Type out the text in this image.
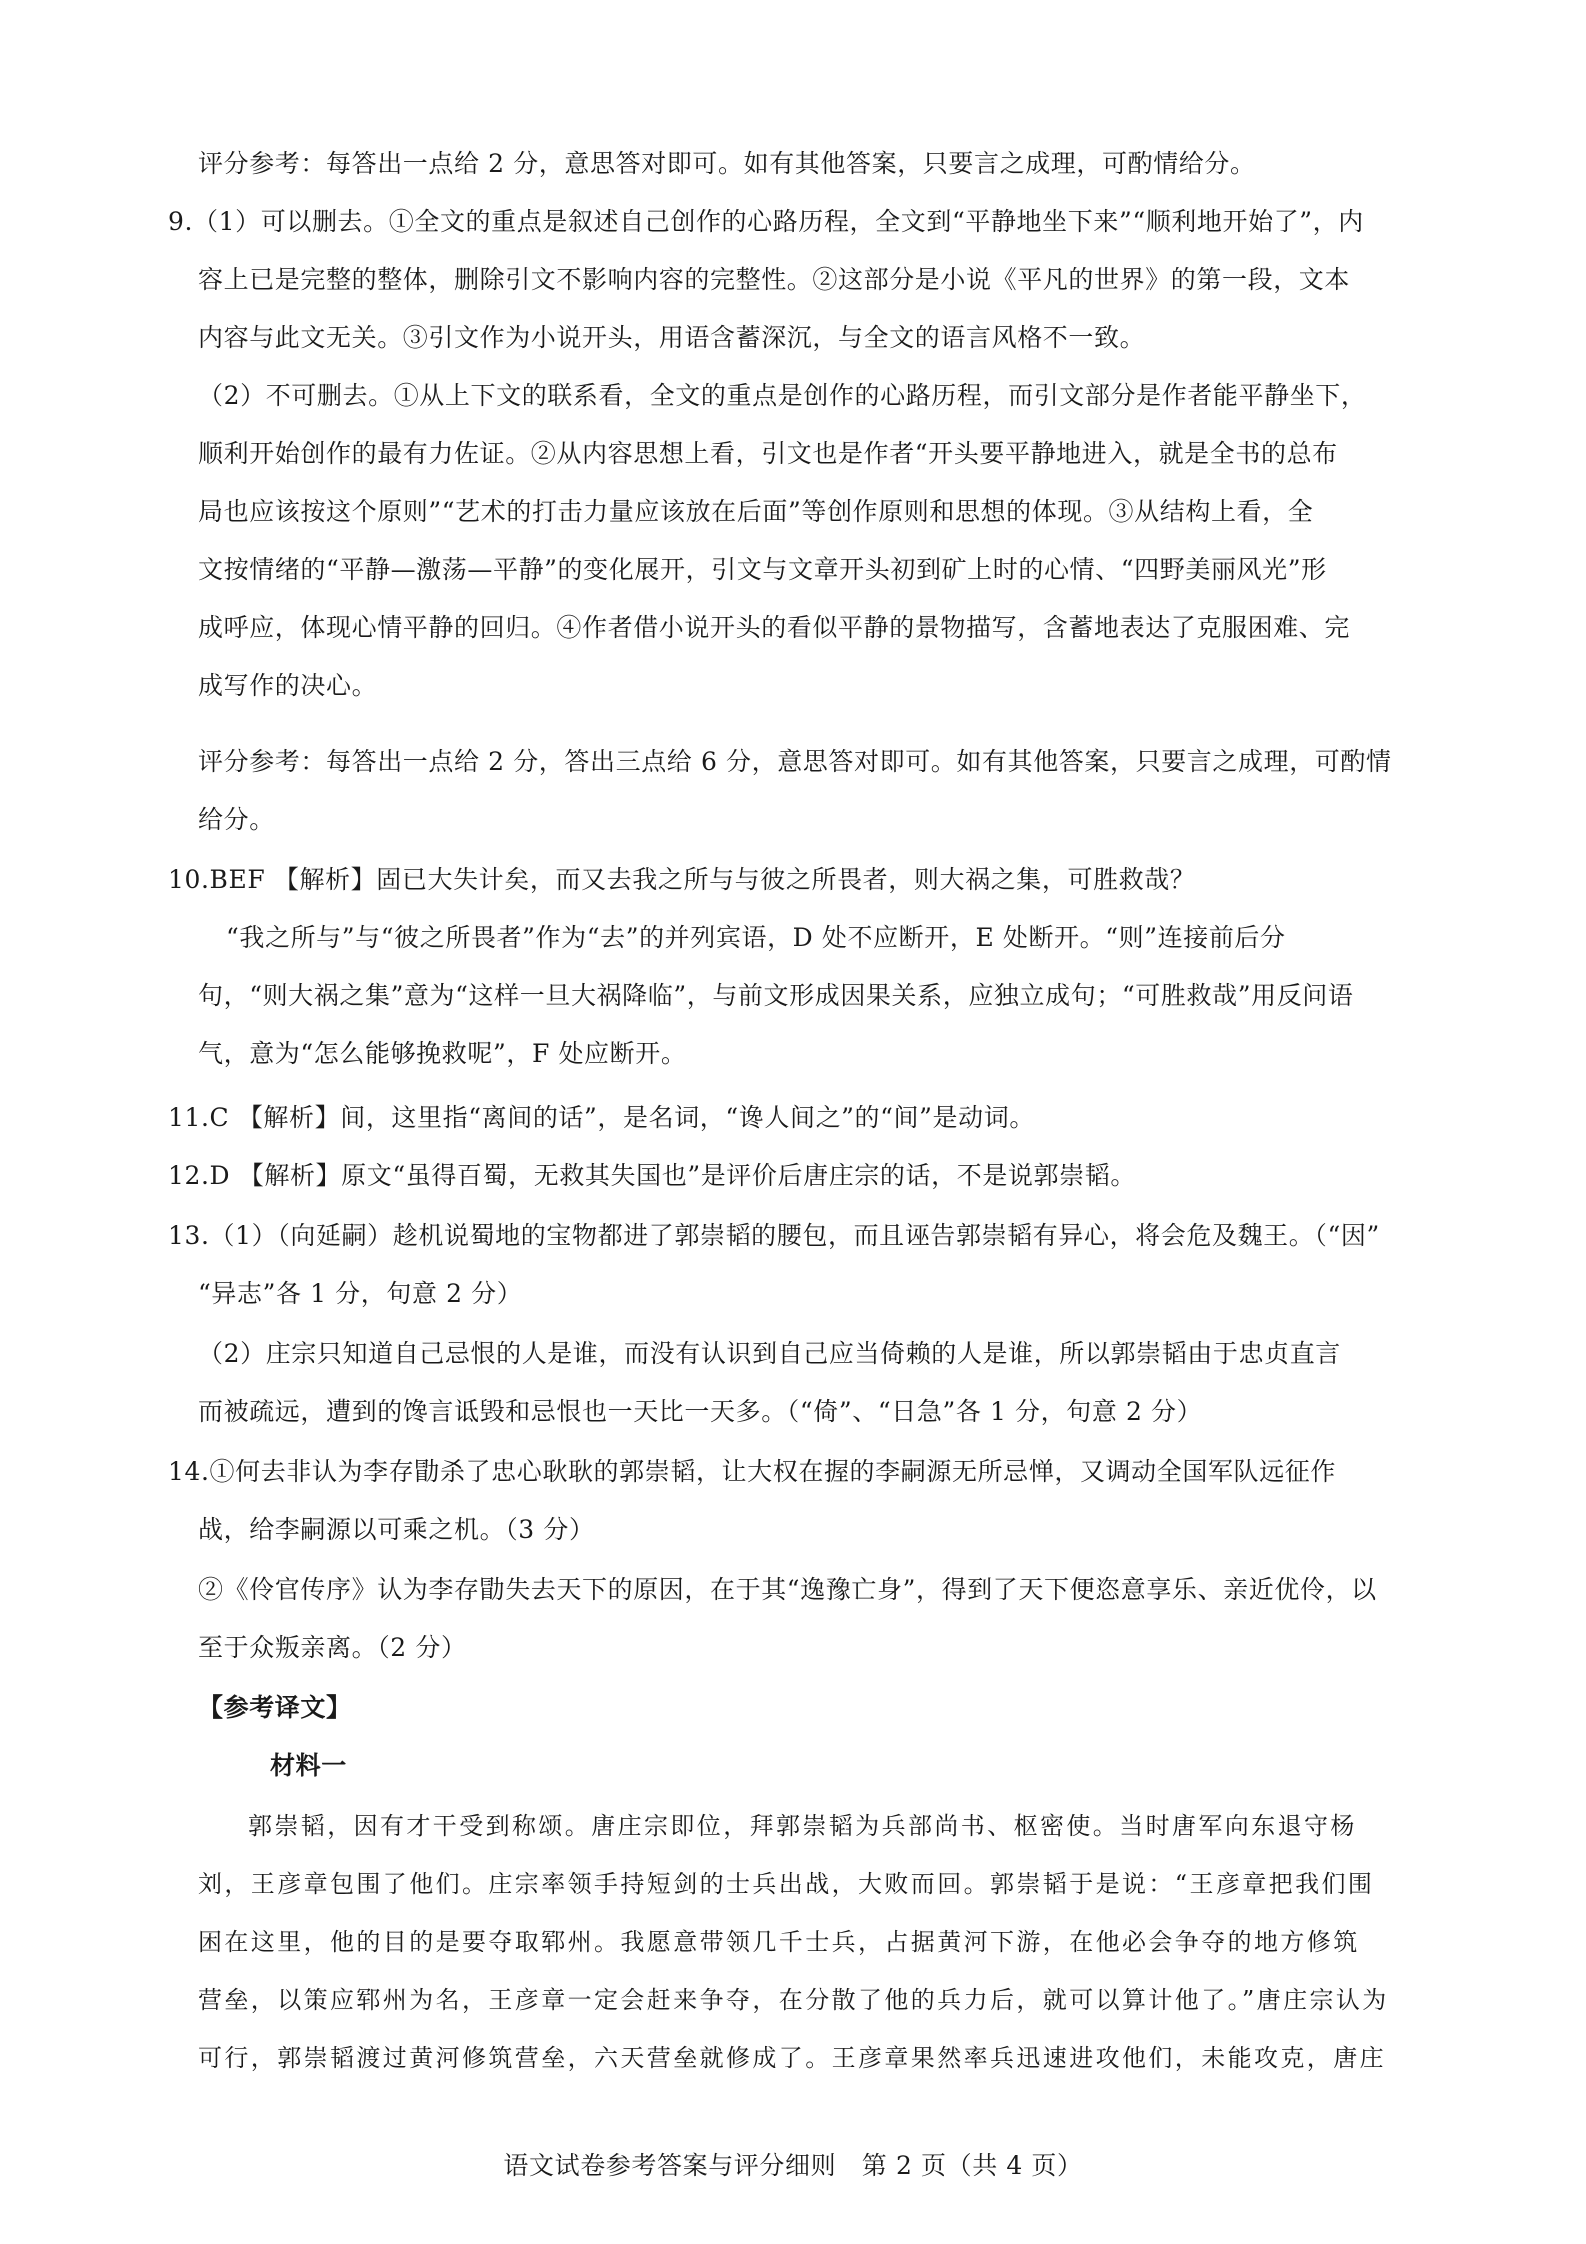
评分参考：每答出一点给 2 分，意思答对即可。如有其他答案，只要言之成理，可酌情给分。
9.（1）可以删去。①全文的重点是叙述自己创作的心路历程，全文到“平静地坐下来”“顺利地开始了”，内
容上已是完整的整体，删除引文不影响内容的完整性。②这部分是小说《平凡的世界》的第一段，文本
内容与此文无关。③引文作为小说开头，用语含蓄深沉，与全文的语言风格不一致。
（2）不可删去。①从上下文的联系看，全文的重点是创作的心路历程，而引文部分是作者能平静坐下，
顺利开始创作的最有力佐证。②从内容思想上看，引文也是作者“开头要平静地进入，就是全书的总布
局也应该按这个原则”“艺术的打击力量应该放在后面”等创作原则和思想的体现。③从结构上看，全
文按情绪的“平静—激荡—平静”的变化展开，引文与文章开头初到矿上时的心情、“四野美丽风光”形
成呼应，体现心情平静的回归。④作者借小说开头的看似平静的景物描写，含蓄地表达了克服困难、完
成写作的决心。
评分参考：每答出一点给 2 分，答出三点给 6 分，意思答对即可。如有其他答案，只要言之成理，可酌情
给分。
10.BEF 【解析】固已大失计矣，而又去我之所与与彼之所畏者，则大祸之集，可胜救哉？
“我之所与”与“彼之所畏者”作为“去”的并列宾语，D 处不应断开，E 处断开。“则”连接前后分
句，“则大祸之集”意为“这样一旦大祸降临”，与前文形成因果关系，应独立成句；“可胜救哉”用反问语
气，意为“怎么能够挽救呢”，F 处应断开。
11.C 【解析】间，这里指“离间的话”，是名词，“谗人间之”的“间”是动词。
12.D 【解析】原文“虽得百蜀，无救其失国也”是评价后唐庄宗的话，不是说郭崇韬。
13.（1）（向延嗣）趁机说蜀地的宝物都进了郭崇韬的腰包，而且诬告郭崇韬有异心，将会危及魏王。（“因”
“异志”各 1 分，句意 2 分）
（2）庄宗只知道自己忌恨的人是谁，而没有认识到自己应当倚赖的人是谁，所以郭崇韬由于忠贞直言
而被疏远，遭到的馋言诋毁和忌恨也一天比一天多。（“倚”、“日急”各 1 分，句意 2 分）
14.①何去非认为李存勖杀了忠心耿耿的郭崇韬，让大权在握的李嗣源无所忌惮，又调动全国军队远征作
战，给李嗣源以可乘之机。（3 分）
②《伶官传序》认为李存勖失去天下的原因，在于其“逸豫亡身”，得到了天下便恣意享乐、亲近优伶，以
至于众叛亲离。（2 分）
【参考译文】
材料一
郭崇韬，因有才干受到称颂。唐庄宗即位，拜郭崇韬为兵部尚书、枢密使。当时唐军向东退守杨
刘，王彦章包围了他们。庄宗率领手持短剑的士兵出战，大败而回。郭崇韬于是说：“王彦章把我们围
困在这里，他的目的是要夺取郓州。我愿意带领几千士兵，占据黄河下游，在他必会争夺的地方修筑
营垒，以策应郓州为名，王彦章一定会赶来争夺，在分散了他的兵力后，就可以算计他了。”唐庄宗认为
可行，郭崇韬渡过黄河修筑营垒，六天营垒就修成了。王彦章果然率兵迅速进攻他们，未能攻克，唐庄
语文试卷参考答案与评分细则　第 2 页（共 4 页）
